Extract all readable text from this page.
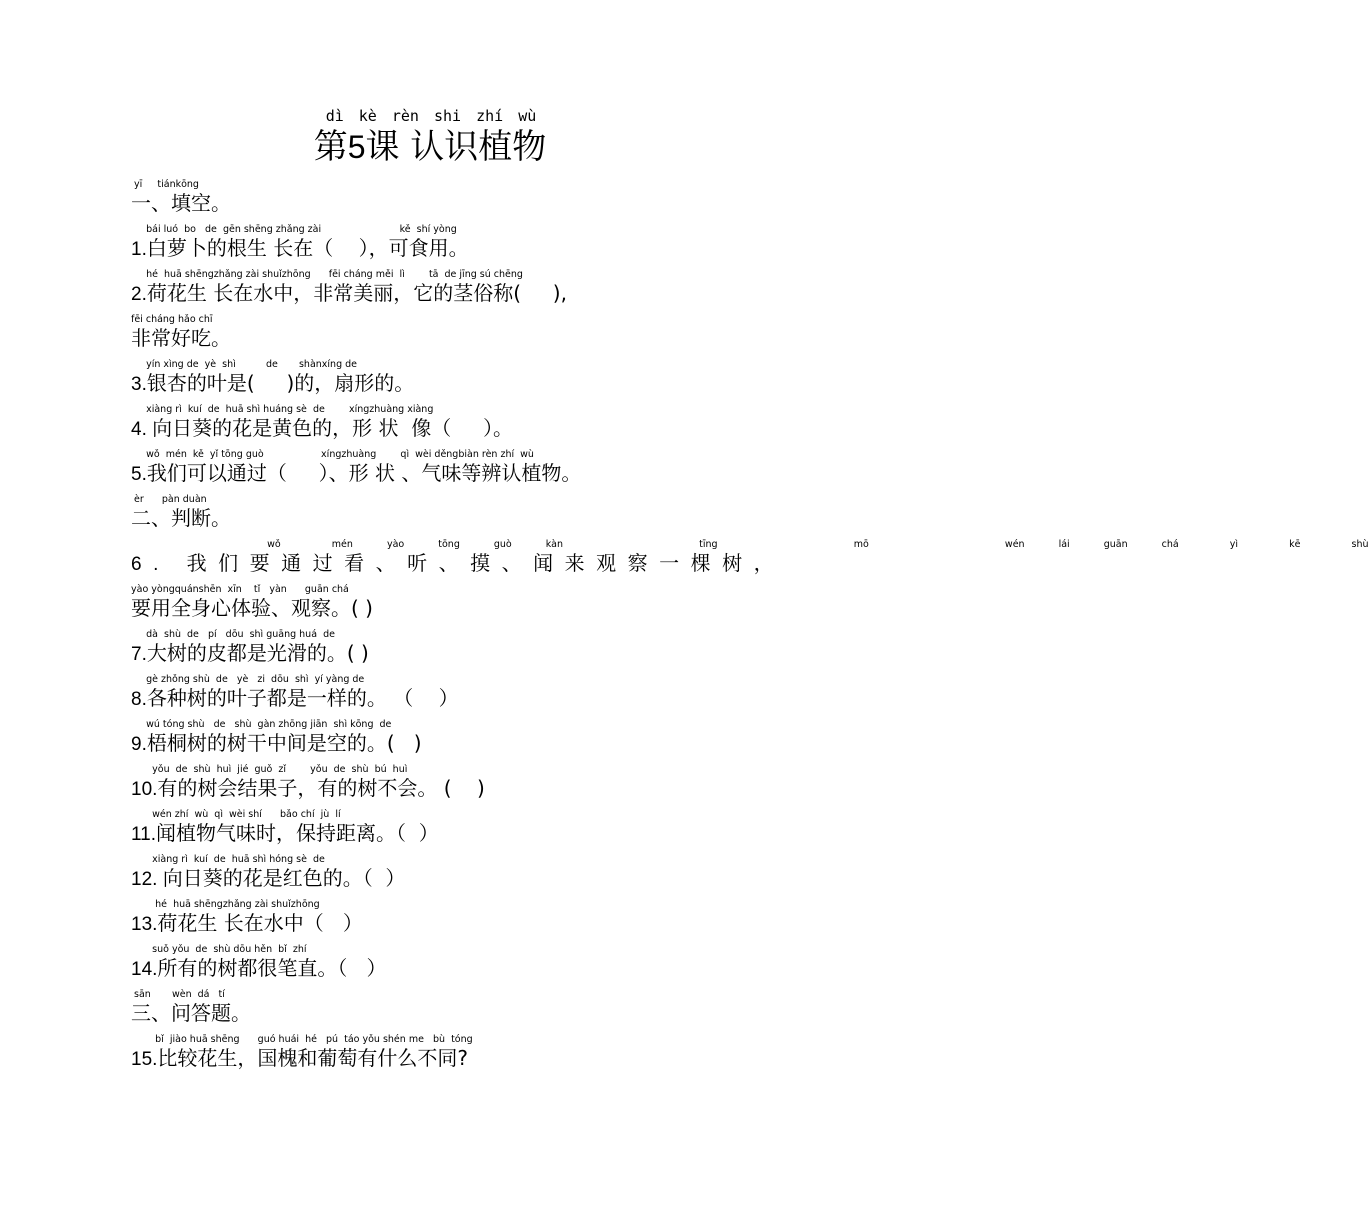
dì kè rèn shi zhí wù
第5课 认识植物
yī     tiánkōng
一、填空。
bái luó  bo   de  gēn shēng zhǎng zài                          kě  shí yòng
1.白萝卜的根生 长在（    ），可食用。
hé  huā shēngzhǎng zài shuǐzhōng      fēi cháng měi  lì        tā  de jīng sú chēng
2.荷花生 长在水中，非常美丽，它的茎俗称(     ),
fēi cháng hǎo chī
非常好吃。
yín xìng de  yè  shì          de       shànxíng de
3.银杏的叶是(     )的，扇形的。
xiàng rì  kuí  de  huā shì huáng sè  de        xíngzhuàng xiàng
4. 向日葵的花是黄色的，形 状  像（     ）。
wǒ  mén  kě  yǐ tōng guò                   xíngzhuàng        qì  wèi děngbiàn rèn zhí  wù
5.我们可以通过（     ）、形 状 、气味等辨认植物。
èr      pàn duàn
二、判断。
wǒ   mén  yào  tōng  guò  kàn        tīng        mō        wén  lái  guān  chá   yì   kē   shù
6. 我们要通过看、听、摸、闻来观察一棵树，
yào yòngquánshēn  xīn    tǐ   yàn      guān chá
要用全身心体验、观察。( )
dà  shù  de   pí   dōu  shì guāng huá  de
7.大树的皮都是光滑的。( )
gè zhǒng shù  de   yè   zi  dōu  shì  yí yàng de
8.各种树的叶子都是一样的。 （    ）
wú tóng shù   de   shù  gàn zhōng jiān  shì kōng  de
9.梧桐树的树干中间是空的。(   )
yǒu  de  shù  huì  jié  guǒ  zǐ        yǒu  de  shù  bú  huì
10.有的树会结果子，有的树不会。 (    )
wén zhí  wù  qì  wèi shí      bǎo chí  jù  lí
11.闻植物气味时，保持距离。（  ）
xiàng rì  kuí  de  huā shì hóng sè  de
12. 向日葵的花是红色的。（  ）
hé  huā shēngzhǎng zài shuǐzhōng
13.荷花生 长在水中（   ）
suǒ yǒu  de  shù dōu hěn  bǐ  zhí
14.所有的树都很笔直。（   ）
sān       wèn  dá   tí
三、问答题。
bǐ  jiào huā shēng      guó huái  hé   pú  táo yǒu shén me   bù  tóng
15.比较花生，国槐和葡萄有什么不同?
